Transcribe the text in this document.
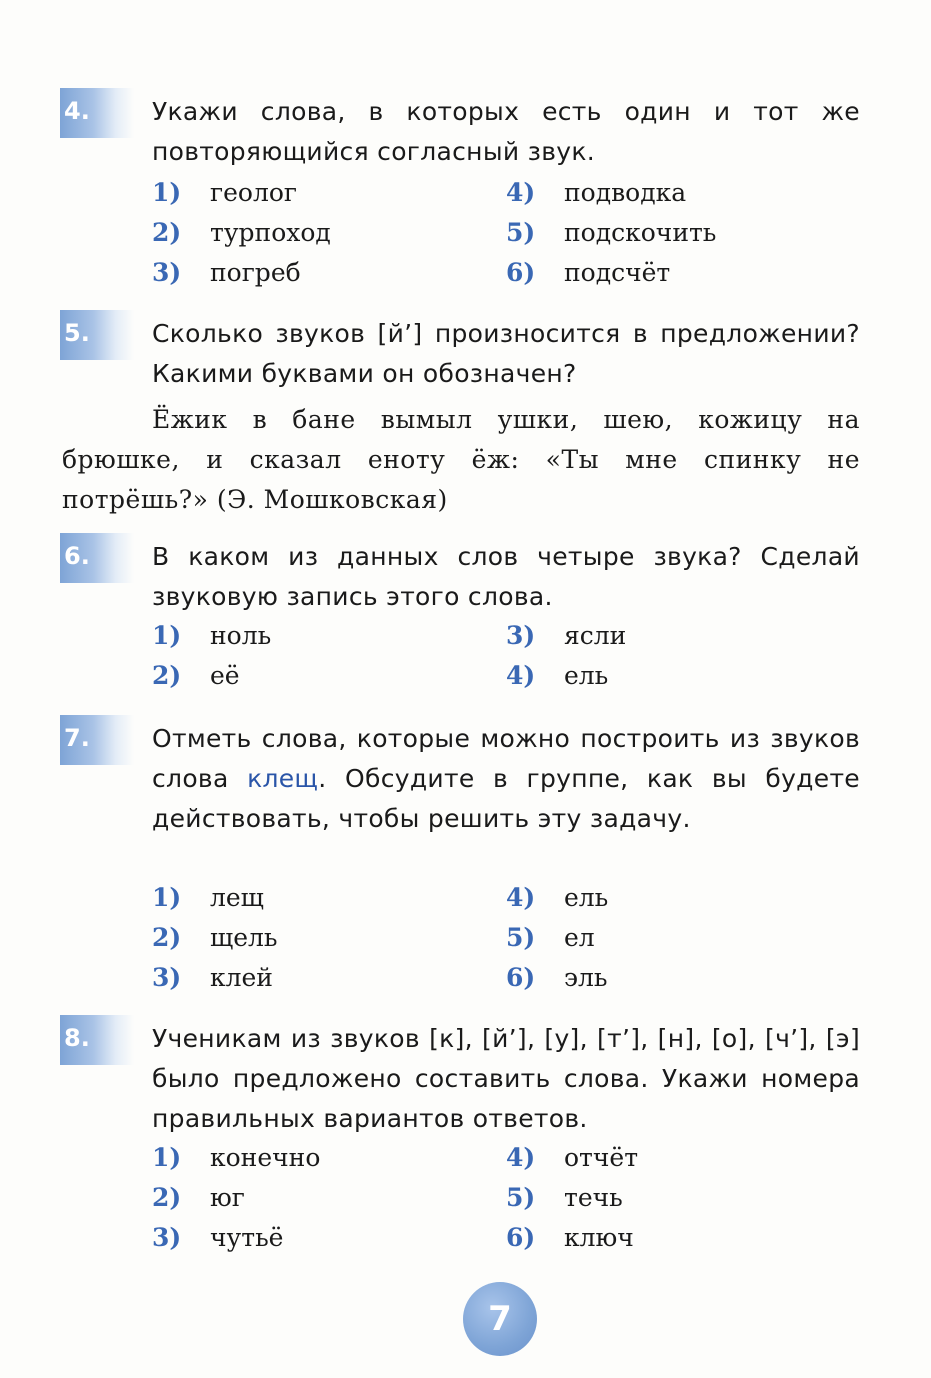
4.	Укажи слова, в которых есть один и тот же повторяющийся согласный звук.
1) геолог
2) турпоход
3) погреб
4) подводка
5) подскочить
6) подсчёт
5.	Сколько звуков [й’] произносится в предложении? Какими буквами он обозначен?
Ёжик в бане вымыл ушки, шею, кожицу на брюшке, и сказал еноту ёж: «Ты мне спинку не потрёшь?» (Э. Мошковская)
6.	В каком из данных слов четыре звука? Сделай звуковую запись этого слова.
1) ноль
2) её
3) ясли
4) ель
7.	Отметь слова, которые можно построить из звуков слова клещ. Обсудите в группе, как вы будете действовать, чтобы решить эту задачу.
1) лещ
2) щель
3) клей
4) ель
5) ел
6) эль
8.	Ученикам из звуков [к], [й’], [у], [т’], [н], [о], [ч’], [э] было предложено составить слова. Укажи номера правильных вариантов ответов.
1) конечно
2) юг
3) чутьё
4) отчёт
5) течь
6) ключ
7
